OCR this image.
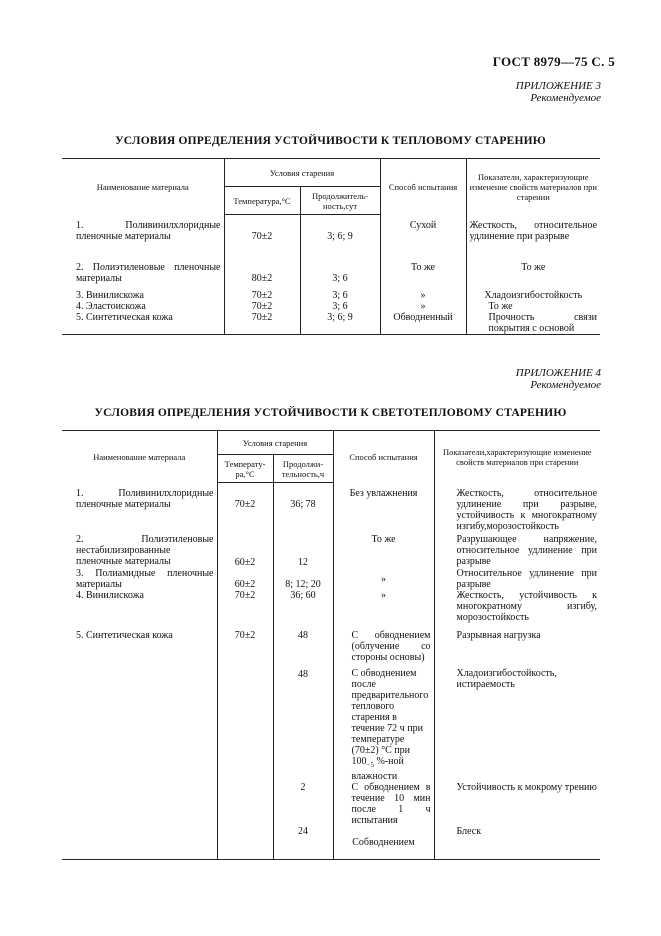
ГОСТ 8979—75 С. 5
ПРИЛОЖЕНИЕ 3
Рекомендуемое
УСЛОВИЯ ОПРЕДЕЛЕНИЯ УСТОЙЧИВОСТИ К ТЕПЛОВОМУ СТАРЕНИЮ
Наименование материала	Условия старения		Способ испытания	Показатели, характеризующие изменение свойств материалов при старении
	Температура,°С	Продолжитель-ность,сут		
1. Поливинилхлоридные пленочные материалы	70±2	3; 6; 9	Сухой	Жесткость, относительное удлинение при разрыве
2. Полиэтиленовые пленочные материалы	80±2	3; 6	То же	То же
3. Винилискожа	70±2	3; 6	»	Хладоизгибостойкость
4. Эластоискожа	70±2	3; 6	»	То же
5. Синтетическая кожа	70±2	3; 6; 9	Обводненный	Прочность связи покрытия с основой
ПРИЛОЖЕНИЕ 4
Рекомендуемое
УСЛОВИЯ ОПРЕДЕЛЕНИЯ УСТОЙЧИВОСТИ К СВЕТОТЕПЛОВОМУ СТАРЕНИЮ
Наименование материала	Условия старения		Способ испытания	Показатели,характеризующие изменение свойств материалов при старении
	Температу-ра,°С	Продолжи-тельность,ч		
1. Поливинилхлоридные пленочные материалы	70±2	36; 78	Без увлажнения	Жесткость, относительное удлинение при разрыве, устойчивость к многократному изгибу,морозостойкость
2. Полиэтиленовые нестабилизированные пленочные материалы	60±2	12	То же	Разрушающее напряжение, относительное удлинение при разрыве
3. Полиамидные пленочные материалы	60±2	8; 12; 20	»	Относительное удлинение при разрыве
4. Винилискожа	70±2	36; 60	»	Жесткость, устойчивость к многократному изгибу, морозостойкость
5. Синтетическая кожа	70±2	48	С обводнением (облучение со стороны основы)	Разрывная нагрузка
		48	С обводнением после предварительного теплового старения в течение 72 ч при температуре (70±2) °С при $100_{-5}$ %-ной влажности	Хладоизгибостойкость, истираемость
		2	С обводнением в течение 10 мин после 1 ч испытания	Устойчивость к мокрому трению
		24	Собводнением	Блеск
